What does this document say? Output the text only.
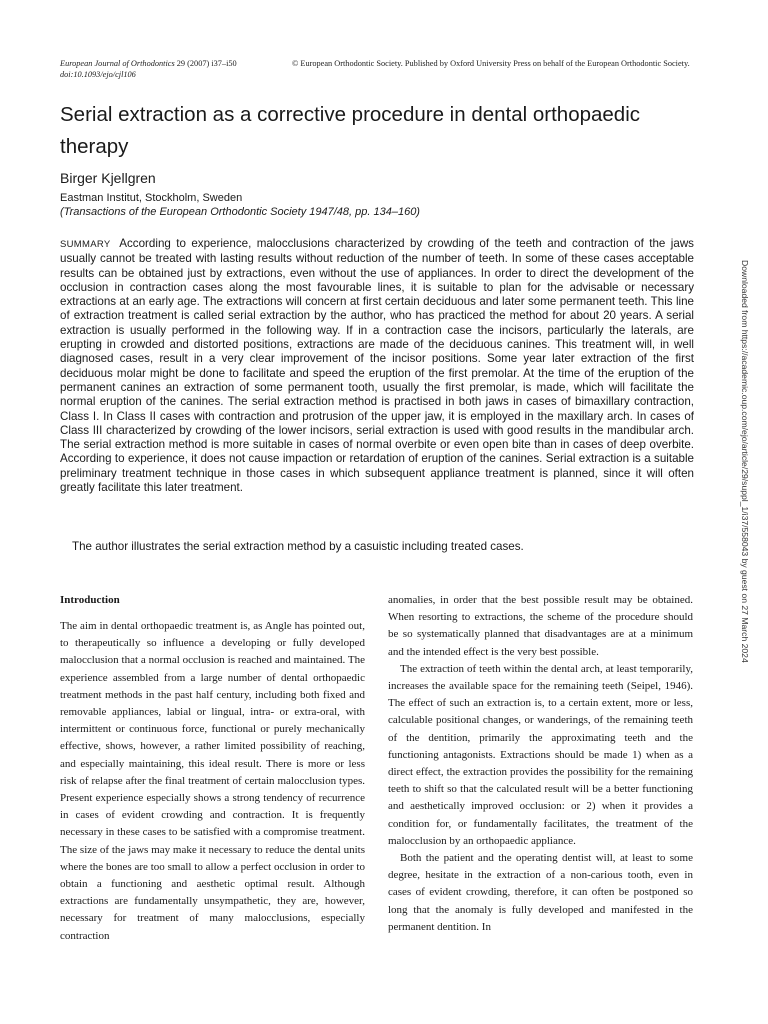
European Journal of Orthodontics 29 (2007) i37–i50
doi:10.1093/ejo/cjl106
© European Orthodontic Society. Published by Oxford University Press on behalf of the European Orthodontic Society.
Serial extraction as a corrective procedure in dental orthopaedic therapy
Birger Kjellgren
Eastman Institut, Stockholm, Sweden
(Transactions of the European Orthodontic Society 1947/48, pp. 134–160)

SUMMARY According to experience, malocclusions characterized by crowding of the teeth and contraction of the jaws usually cannot be treated with lasting results without reduction of the number of teeth. In some of these cases acceptable results can be obtained just by extractions, even without the use of appliances. In order to direct the development of the occlusion in contraction cases along the most favourable lines, it is suitable to plan for the advisable or necessary extractions at an early age. The extractions will concern at first certain deciduous and later some permanent teeth. This line of extraction treatment is called serial extraction by the author, who has practiced the method for about 20 years. A serial extraction is usually performed in the following way. If in a contraction case the incisors, particularly the laterals, are erupting in crowded and distorted positions, extractions are made of the deciduous canines. This treatment will, in well diagnosed cases, result in a very clear improvement of the incisor positions. Some year later extraction of the first deciduous molar might be done to facilitate and speed the eruption of the first premolar. At the time of the eruption of the permanent canines an extraction of some permanent tooth, usually the first premolar, is made, which will facilitate the normal eruption of the canines. The serial extraction method is practised in both jaws in cases of bimaxillary contraction, Class I. In Class II cases with contraction and protrusion of the upper jaw, it is employed in the maxillary arch. In cases of Class III characterized by crowding of the lower incisors, serial extraction is used with good results in the mandibular arch. The serial extraction method is more suitable in cases of normal overbite or even open bite than in cases of deep overbite. According to experience, it does not cause impaction or retardation of eruption of the canines. Serial extraction is a suitable preliminary treatment technique in those cases in which subsequent appliance treatment is planned, since it will often greatly facilitate this later treatment.

The author illustrates the serial extraction method by a casuistic including treated cases.

Introduction

The aim in dental orthopaedic treatment is, as Angle has pointed out, to therapeutically so influence a developing or fully developed malocclusion that a normal occlusion is reached and maintained. The experience assembled from a large number of dental orthopaedic treatment methods in the past half century, including both fixed and removable appliances, labial or lingual, intra- or extra-oral, with intermittent or continuous force, functional or purely mechanically effective, shows, however, a rather limited possibility of reaching, and especially maintaining, this ideal result. There is more or less risk of relapse after the final treatment of certain malocclusion types. Present experience especially shows a strong tendency of recurrence in cases of evident crowding and contraction. It is frequently necessary in these cases to be satisfied with a compromise treatment. The size of the jaws may make it necessary to reduce the dental units where the bones are too small to allow a perfect occlusion in order to obtain a functioning and aesthetic optimal result. Although extractions are fundamentally unsympathetic, they are, however, necessary for treatment of many malocclusions, especially contraction

anomalies, in order that the best possible result may be obtained. When resorting to extractions, the scheme of the procedure should be so systematically planned that disadvantages are at a minimum and the intended effect is the very best possible.

The extraction of teeth within the dental arch, at least temporarily, increases the available space for the remaining teeth (Seipel, 1946). The effect of such an extraction is, to a certain extent, more or less, calculable positional changes, or wanderings, of the remaining teeth of the dentition, primarily the approximating teeth and the functioning antagonists. Extractions should be made 1) when as a direct effect, the extraction provides the possibility for the remaining teeth to shift so that the calculated result will be a better functioning and aesthetically improved occlusion: or 2) when it provides a condition for, or fundamentally facilitates, the treatment of the malocclusion by an orthopaedic appliance.

Both the patient and the operating dentist will, at least to some degree, hesitate in the extraction of a non-carious tooth, even in cases of evident crowding, therefore, it can often be postponed so long that the anomaly is fully developed and manifested in the permanent dentition. In

Downloaded from https://academic.oup.com/ejo/article/29/suppl_1/i37/558043 by guest on 27 March 2024
